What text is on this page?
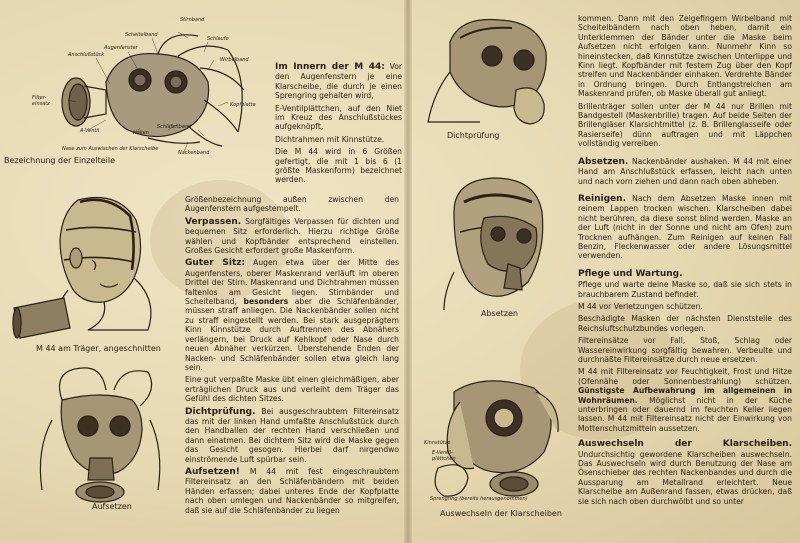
Stirnband
Scheitelband
Schlaufe
Augenfenster
Anschlußstück
Wirbelband
Filter-
einsatz	Kopfplatte
A-Ventil	Haken
Schläfenband
Nase zum Auswischen der Klarscheibe
Nackenband
Bezeichnung der Einzelteile
M 44 am Träger, angeschnitten
Aufsetzen

Im Innern der M 44: Vor den Augenfenstern je eine Klarscheibe, die durch je einen Sprengring gehalten wird,

E-Ventilplättchen, auf den Niet im Kreuz des Anschlußstückes aufgeknöpft,

Dichtrahmen mit Kinnstütze.

Die M 44 wird in 6 Größen gefertigt, die mit 1 bis 6 (1 größte Maskenform) bezeichnet werden.

Größenbezeichnung außen zwischen den Augenfenstern aufgestempelt.

Verpassen. Sorgfältiges Verpassen für dichten und bequemen Sitz erforderlich. Hierzu richtige Größe wählen und Kopfbänder entsprechend einstellen. Großes Gesicht erfordert große Maskenform.

Guter Sitz: Augen etwa über der Mitte des Augenfensters, oberer Maskenrand verläuft im oberen Drittel der Stirn. Maskenrand und Dichtrahmen müssen faltenlos am Gesicht liegen. Stirnbänder und Scheitelband, besonders aber die Schläfenbänder, müssen straff anliegen. Die Nackenbänder sollen nicht zu straff eingestellt werden. Bei stark ausgeprägtem Kinn Kinnstütze durch Auftrennen des Abnähers verlängern, bei Druck auf Kehlkopf oder Nase durch neuen Abnäher verkürzen. Überstehende Enden der Nacken- und Schläfenbänder sollen etwa gleich lang sein.

Eine gut verpaßte Maske übt einen gleichmäßigen, aber erträglichen Druck aus und verleiht dem Träger das Gefühl des dichten Sitzes.

Dichtprüfung. Bei ausgeschraubtem Filtereinsatz das mit der linken Hand umfaßte Anschlußstück durch den Handballen der rechten Hand verschließen und dann einatmen. Bei dichtem Sitz wird die Maske gegen das Gesicht gesogen. Hierbei darf nirgendwo einströmende Luft spürbar sein.

Aufsetzen! M 44 mit fest eingeschraubtem Filtereinsatz an den Schläfenbändern mit beiden Händen erfassen; dabei unteres Ende der Kopfplatte nach oben umlegen und Nackenbänder so mitgreifen, daß sie auf die Schläfenbänder zu liegen

Dichtprüfung
Absetzen
Kinnstütze
E-Ventil-
plättchen
Sprengring (bereits herausgenommen)
Auswechseln der Klarscheiben

kommen. Dann mit den Zeigefingern Wirbelband mit Scheitelbändern nach oben heben, damit ein Unterklemmen der Bänder unter die Maske beim Aufsetzen nicht erfolgen kann. Nunmehr Kinn so hineinstecken, daß Kinnstütze zwischen Unterlippe und Kinn liegt. Kopfbänder mit festem Zug über den Kopf streifen und Nackenbänder einhaken. Verdrehte Bänder in Ordnung bringen. Durch Entlangstreichen am Maskenrand prüfen, ob Maske überall gut anliegt.

Brillenträger sollen unter der M 44 nur Brillen mit Bandgestell (Maskenbrille) tragen. Auf beide Seiten der Brillengläser Klarsichtmittel (z. B. Brillenglasseife oder Rasierseife) dünn auftragen und mit Läppchen vollständig verreiben.

Absetzen. Nackenbänder aushaken. M 44 mit einer Hand am Anschlußstück erfassen, leicht nach unten und nach vorn ziehen und dann nach oben abheben.

Reinigen. Nach dem Absetzen Maske innen mit reinem Lappen trocken wischen. Klarscheiben dabei nicht berühren, da diese sonst blind werden. Maske an der Luft (nicht in der Sonne und nicht am Ofen) zum Trocknen aufhängen. Zum Reinigen auf keinen Fall Benzin, Fleckenwasser oder andere Lösungsmittel verwenden.

Pflege und Wartung.

Pflege und warte deine Maske so, daß sie sich stets in brauchbarem Zustand befindet.

M 44 vor Verletzungen schützen.

Beschädigte Masken der nächsten Dienststelle des Reichsluftschutzbundes vorlegen.

Filtereinsätze vor Fall, Stoß, Schlag oder Wassereinwirkung sorgfältig bewahren. Verbeulte und durchnäßte Filtereinsätze durch neue ersetzen.

M 44 mit Filtereinsatz vor Feuchtigkeit, Frost und Hitze (Ofennähe oder Sonnenbestrahlung) schützen. Günstigste Aufbewahrung im allgemeinen in Wohnräumen. Möglichst nicht in der Küche unterbringen oder dauernd im feuchten Keller liegen lassen. M 44 mit Filtereinsatz nicht der Einwirkung von Mottenschutzmitteln aussetzen.

Auswechseln der Klarscheiben. Undurchsichtig gewordene Klarscheiben auswechseln. Das Auswechseln wird durch Benutzung der Nase am Ösenschieber des rechten Nackenbandes und durch die Aussparung am Metallrand erleichtert. Neue Klarscheibe am Außenrand fassen, etwas drücken, daß sie sich nach oben durchwölbt und so unter
